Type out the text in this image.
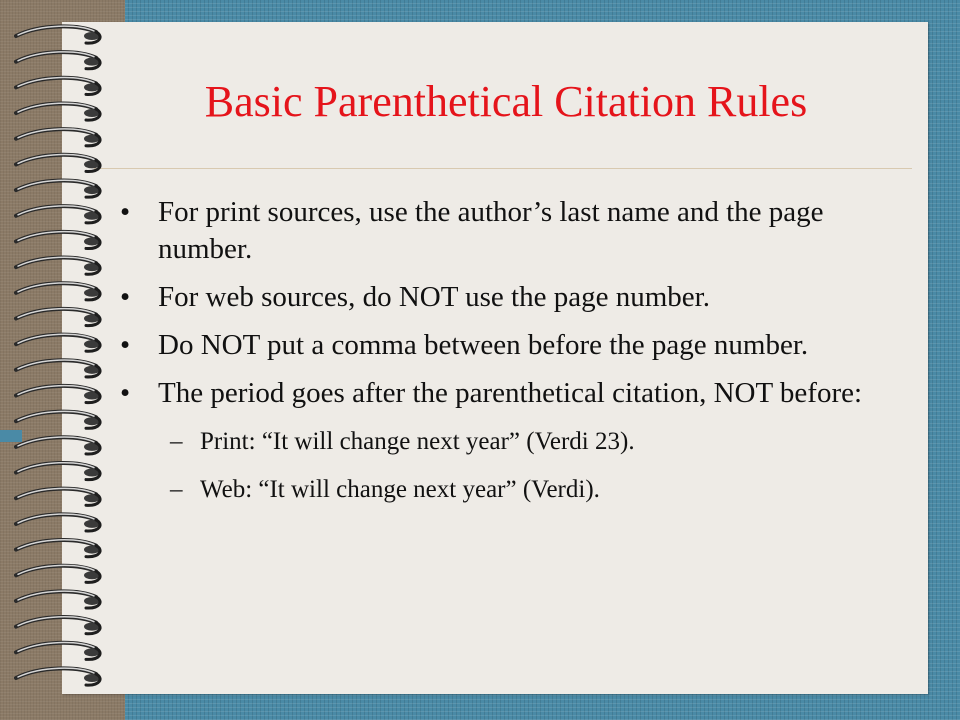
Basic Parenthetical Citation Rules
• For print sources, use the author’s last name and the page number.
• For web sources, do NOT use the page number.
• Do NOT put a comma between before the page number.
• The period goes after the parenthetical citation, NOT before:
– Print: “It will change next year” (Verdi 23).
– Web: “It will change next year” (Verdi).
